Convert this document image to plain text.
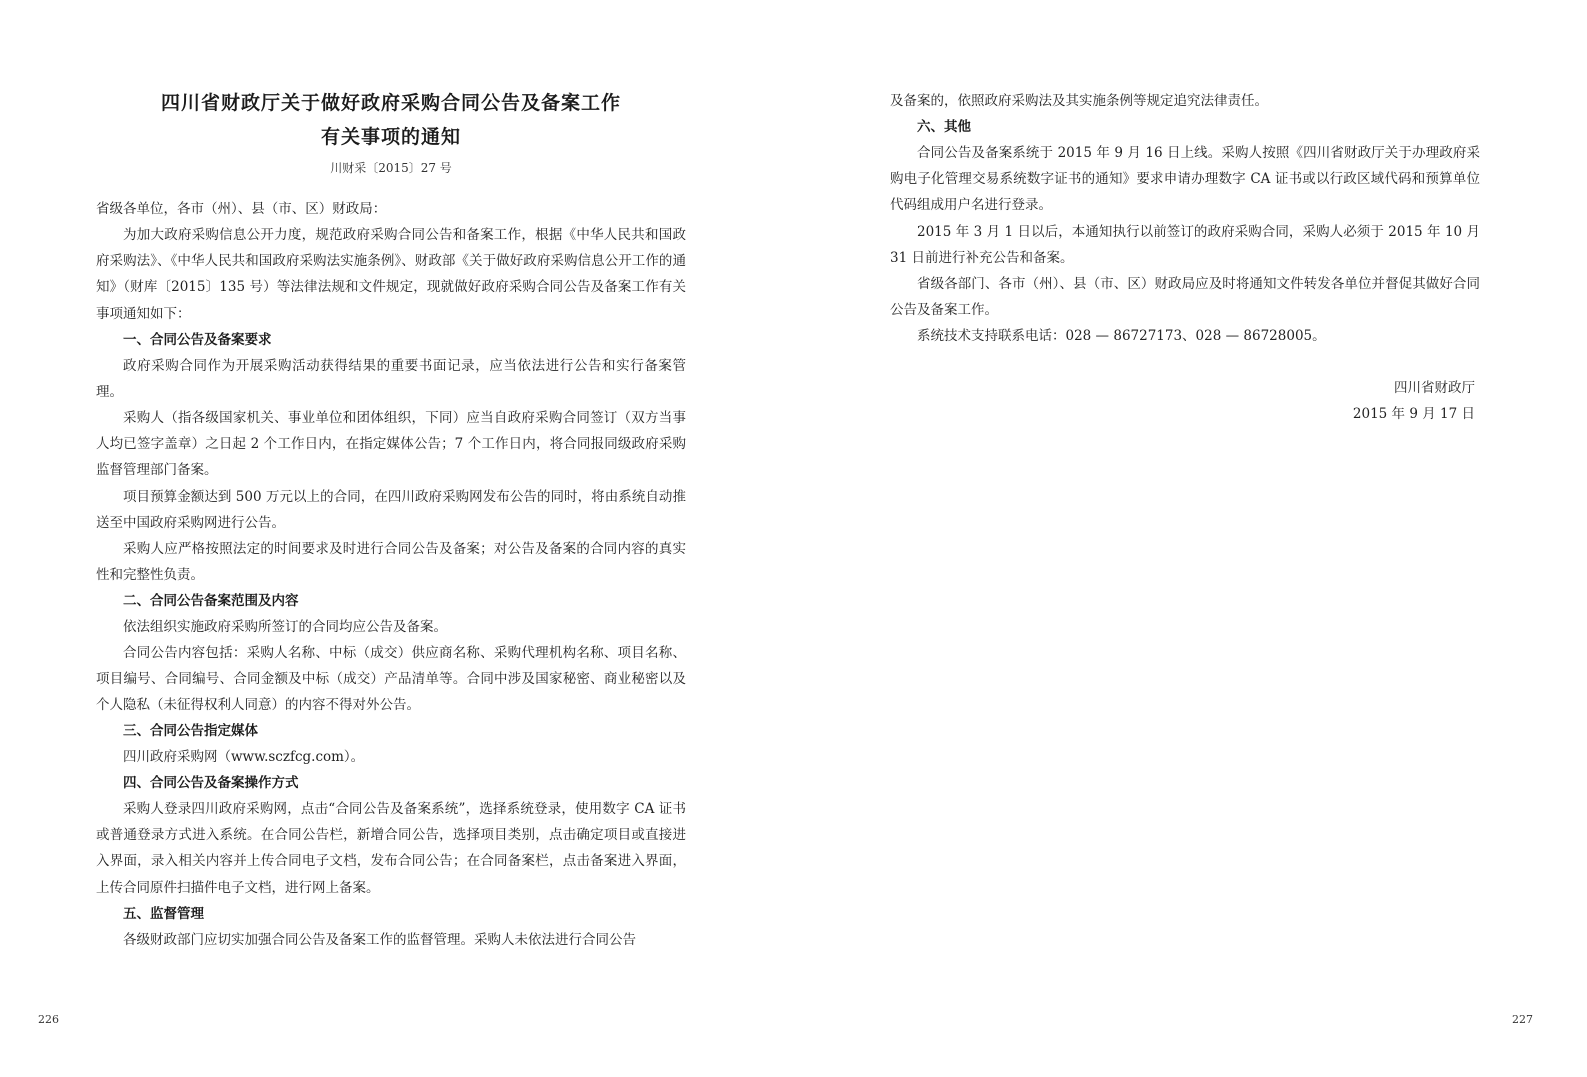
四川省财政厅关于做好政府采购合同公告及备案工作
有关事项的通知
川财采〔2015〕27 号

省级各单位，各市（州）、县（市、区）财政局：

为加大政府采购信息公开力度，规范政府采购合同公告和备案工作，根据《中华人民共和国政府采购法》、《中华人民共和国政府采购法实施条例》、财政部《关于做好政府采购信息公开工作的通知》（财库〔2015〕135 号）等法律法规和文件规定，现就做好政府采购合同公告及备案工作有关事项通知如下：

一、合同公告及备案要求

政府采购合同作为开展采购活动获得结果的重要书面记录，应当依法进行公告和实行备案管理。

采购人（指各级国家机关、事业单位和团体组织，下同）应当自政府采购合同签订（双方当事人均已签字盖章）之日起 2 个工作日内，在指定媒体公告；7 个工作日内，将合同报同级政府采购监督管理部门备案。

项目预算金额达到 500 万元以上的合同，在四川政府采购网发布公告的同时，将由系统自动推送至中国政府采购网进行公告。

采购人应严格按照法定的时间要求及时进行合同公告及备案；对公告及备案的合同内容的真实性和完整性负责。

二、合同公告备案范围及内容

依法组织实施政府采购所签订的合同均应公告及备案。

合同公告内容包括：采购人名称、中标（成交）供应商名称、采购代理机构名称、项目名称、项目编号、合同编号、合同金额及中标（成交）产品清单等。合同中涉及国家秘密、商业秘密以及个人隐私（未征得权利人同意）的内容不得对外公告。

三、合同公告指定媒体

四川政府采购网（www.sczfcg.com）。

四、合同公告及备案操作方式

采购人登录四川政府采购网，点击“合同公告及备案系统”，选择系统登录，使用数字 CA 证书或普通登录方式进入系统。在合同公告栏，新增合同公告，选择项目类别，点击确定项目或直接进入界面，录入相关内容并上传合同电子文档，发布合同公告；在合同备案栏，点击备案进入界面，上传合同原件扫描件电子文档，进行网上备案。

五、监督管理

各级财政部门应切实加强合同公告及备案工作的监督管理。采购人未依法进行合同公告

226

及备案的，依照政府采购法及其实施条例等规定追究法律责任。

六、其他

合同公告及备案系统于 2015 年 9 月 16 日上线。采购人按照《四川省财政厅关于办理政府采购电子化管理交易系统数字证书的通知》要求申请办理数字 CA 证书或以行政区域代码和预算单位代码组成用户名进行登录。

2015 年 3 月 1 日以后，本通知执行以前签订的政府采购合同，采购人必须于 2015 年 10 月 31 日前进行补充公告和备案。

省级各部门、各市（州）、县（市、区）财政局应及时将通知文件转发各单位并督促其做好合同公告及备案工作。

系统技术支持联系电话：028 — 86727173、028 — 86728005。

四川省财政厅
2015 年 9 月 17 日
227
